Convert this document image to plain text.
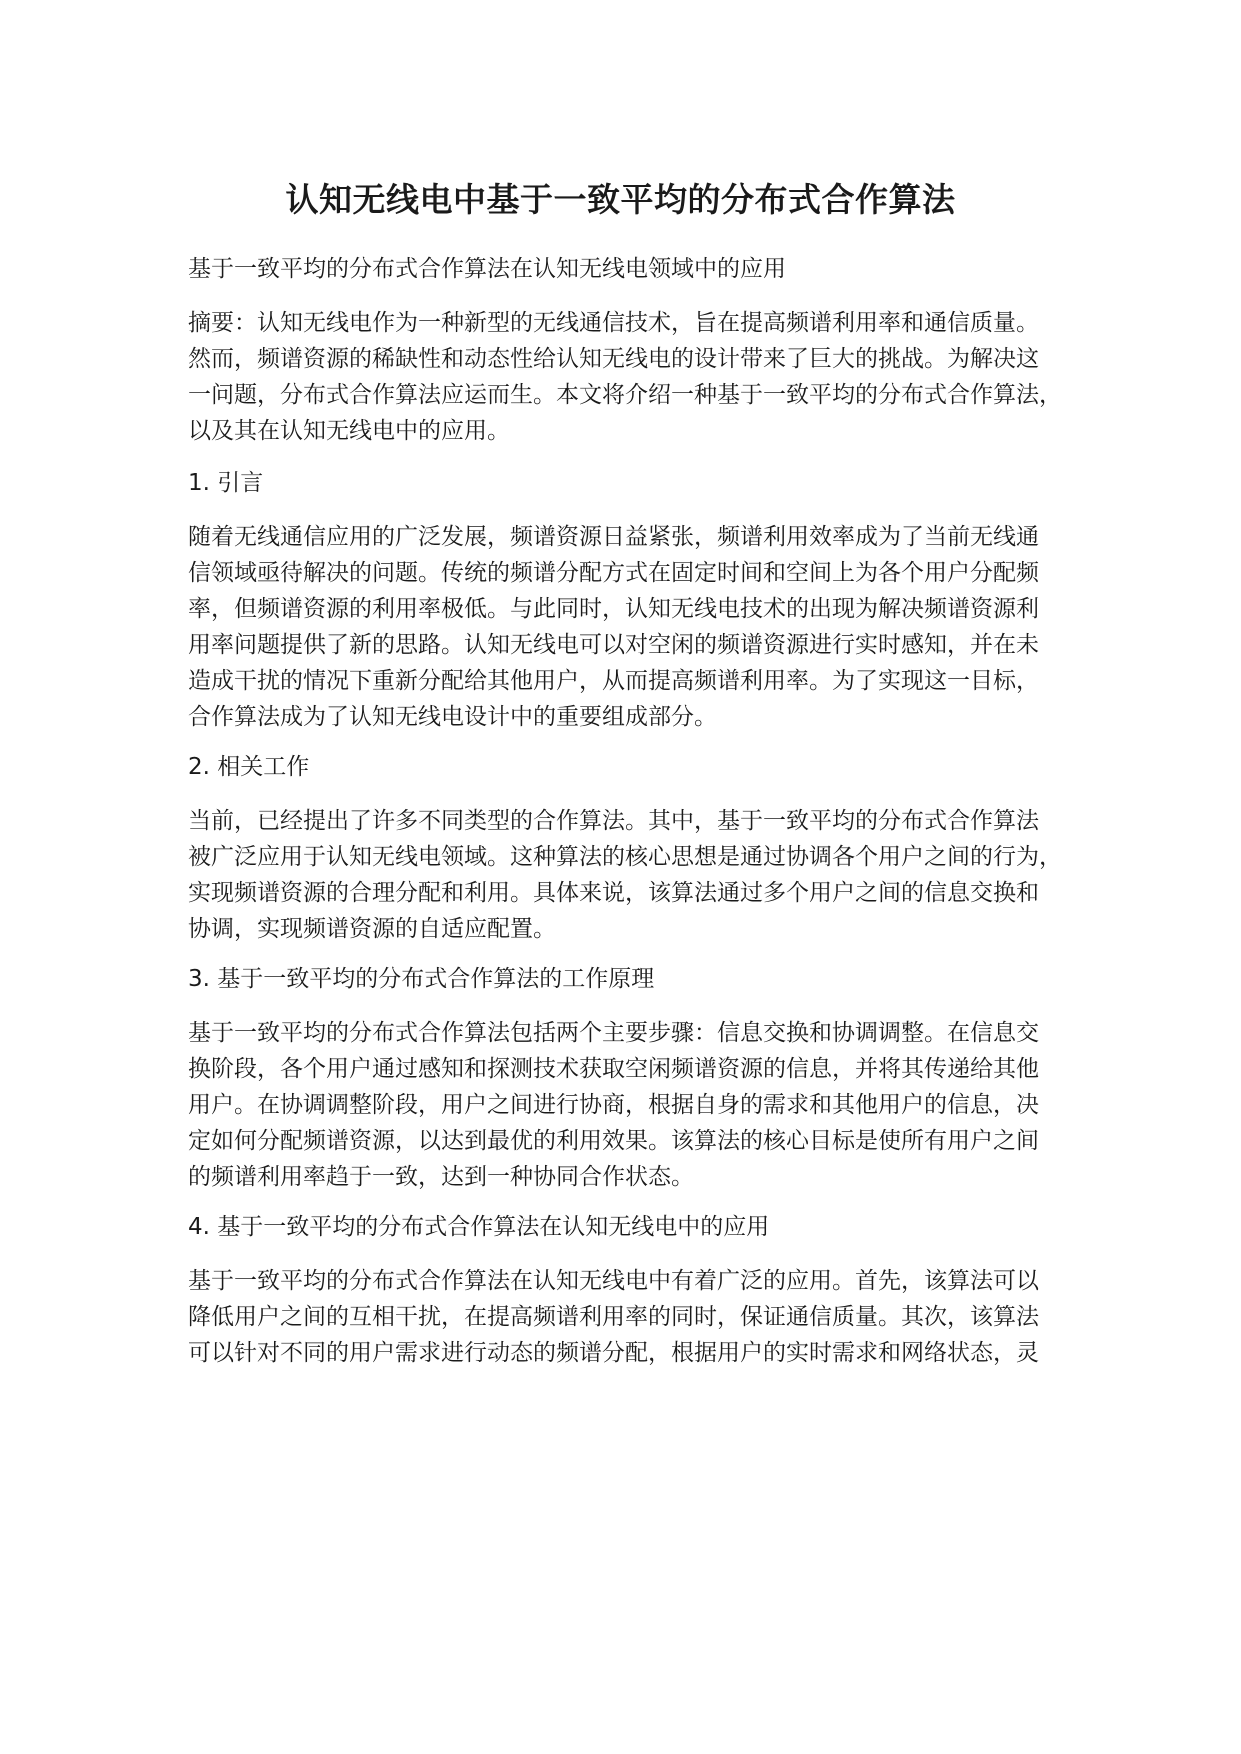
认知无线电中基于一致平均的分布式合作算法

基于一致平均的分布式合作算法在认知无线电领域中的应用

摘要：认知无线电作为一种新型的无线通信技术，旨在提高频谱利用率和通信质量。

然而，频谱资源的稀缺性和动态性给认知无线电的设计带来了巨大的挑战。为解决这

一问题，分布式合作算法应运而生。本文将介绍一种基于一致平均的分布式合作算法，

以及其在认知无线电中的应用。

1. 引言

随着无线通信应用的广泛发展，频谱资源日益紧张，频谱利用效率成为了当前无线通

信领域亟待解决的问题。传统的频谱分配方式在固定时间和空间上为各个用户分配频

率，但频谱资源的利用率极低。与此同时，认知无线电技术的出现为解决频谱资源利

用率问题提供了新的思路。认知无线电可以对空闲的频谱资源进行实时感知，并在未

造成干扰的情况下重新分配给其他用户，从而提高频谱利用率。为了实现这一目标，

合作算法成为了认知无线电设计中的重要组成部分。

2. 相关工作

当前，已经提出了许多不同类型的合作算法。其中，基于一致平均的分布式合作算法

被广泛应用于认知无线电领域。这种算法的核心思想是通过协调各个用户之间的行为，

实现频谱资源的合理分配和利用。具体来说，该算法通过多个用户之间的信息交换和

协调，实现频谱资源的自适应配置。

3. 基于一致平均的分布式合作算法的工作原理

基于一致平均的分布式合作算法包括两个主要步骤：信息交换和协调调整。在信息交

换阶段，各个用户通过感知和探测技术获取空闲频谱资源的信息，并将其传递给其他

用户。在协调调整阶段，用户之间进行协商，根据自身的需求和其他用户的信息，决

定如何分配频谱资源，以达到最优的利用效果。该算法的核心目标是使所有用户之间

的频谱利用率趋于一致，达到一种协同合作状态。

4. 基于一致平均的分布式合作算法在认知无线电中的应用

基于一致平均的分布式合作算法在认知无线电中有着广泛的应用。首先，该算法可以

降低用户之间的互相干扰，在提高频谱利用率的同时，保证通信质量。其次，该算法

可以针对不同的用户需求进行动态的频谱分配，根据用户的实时需求和网络状态，灵
